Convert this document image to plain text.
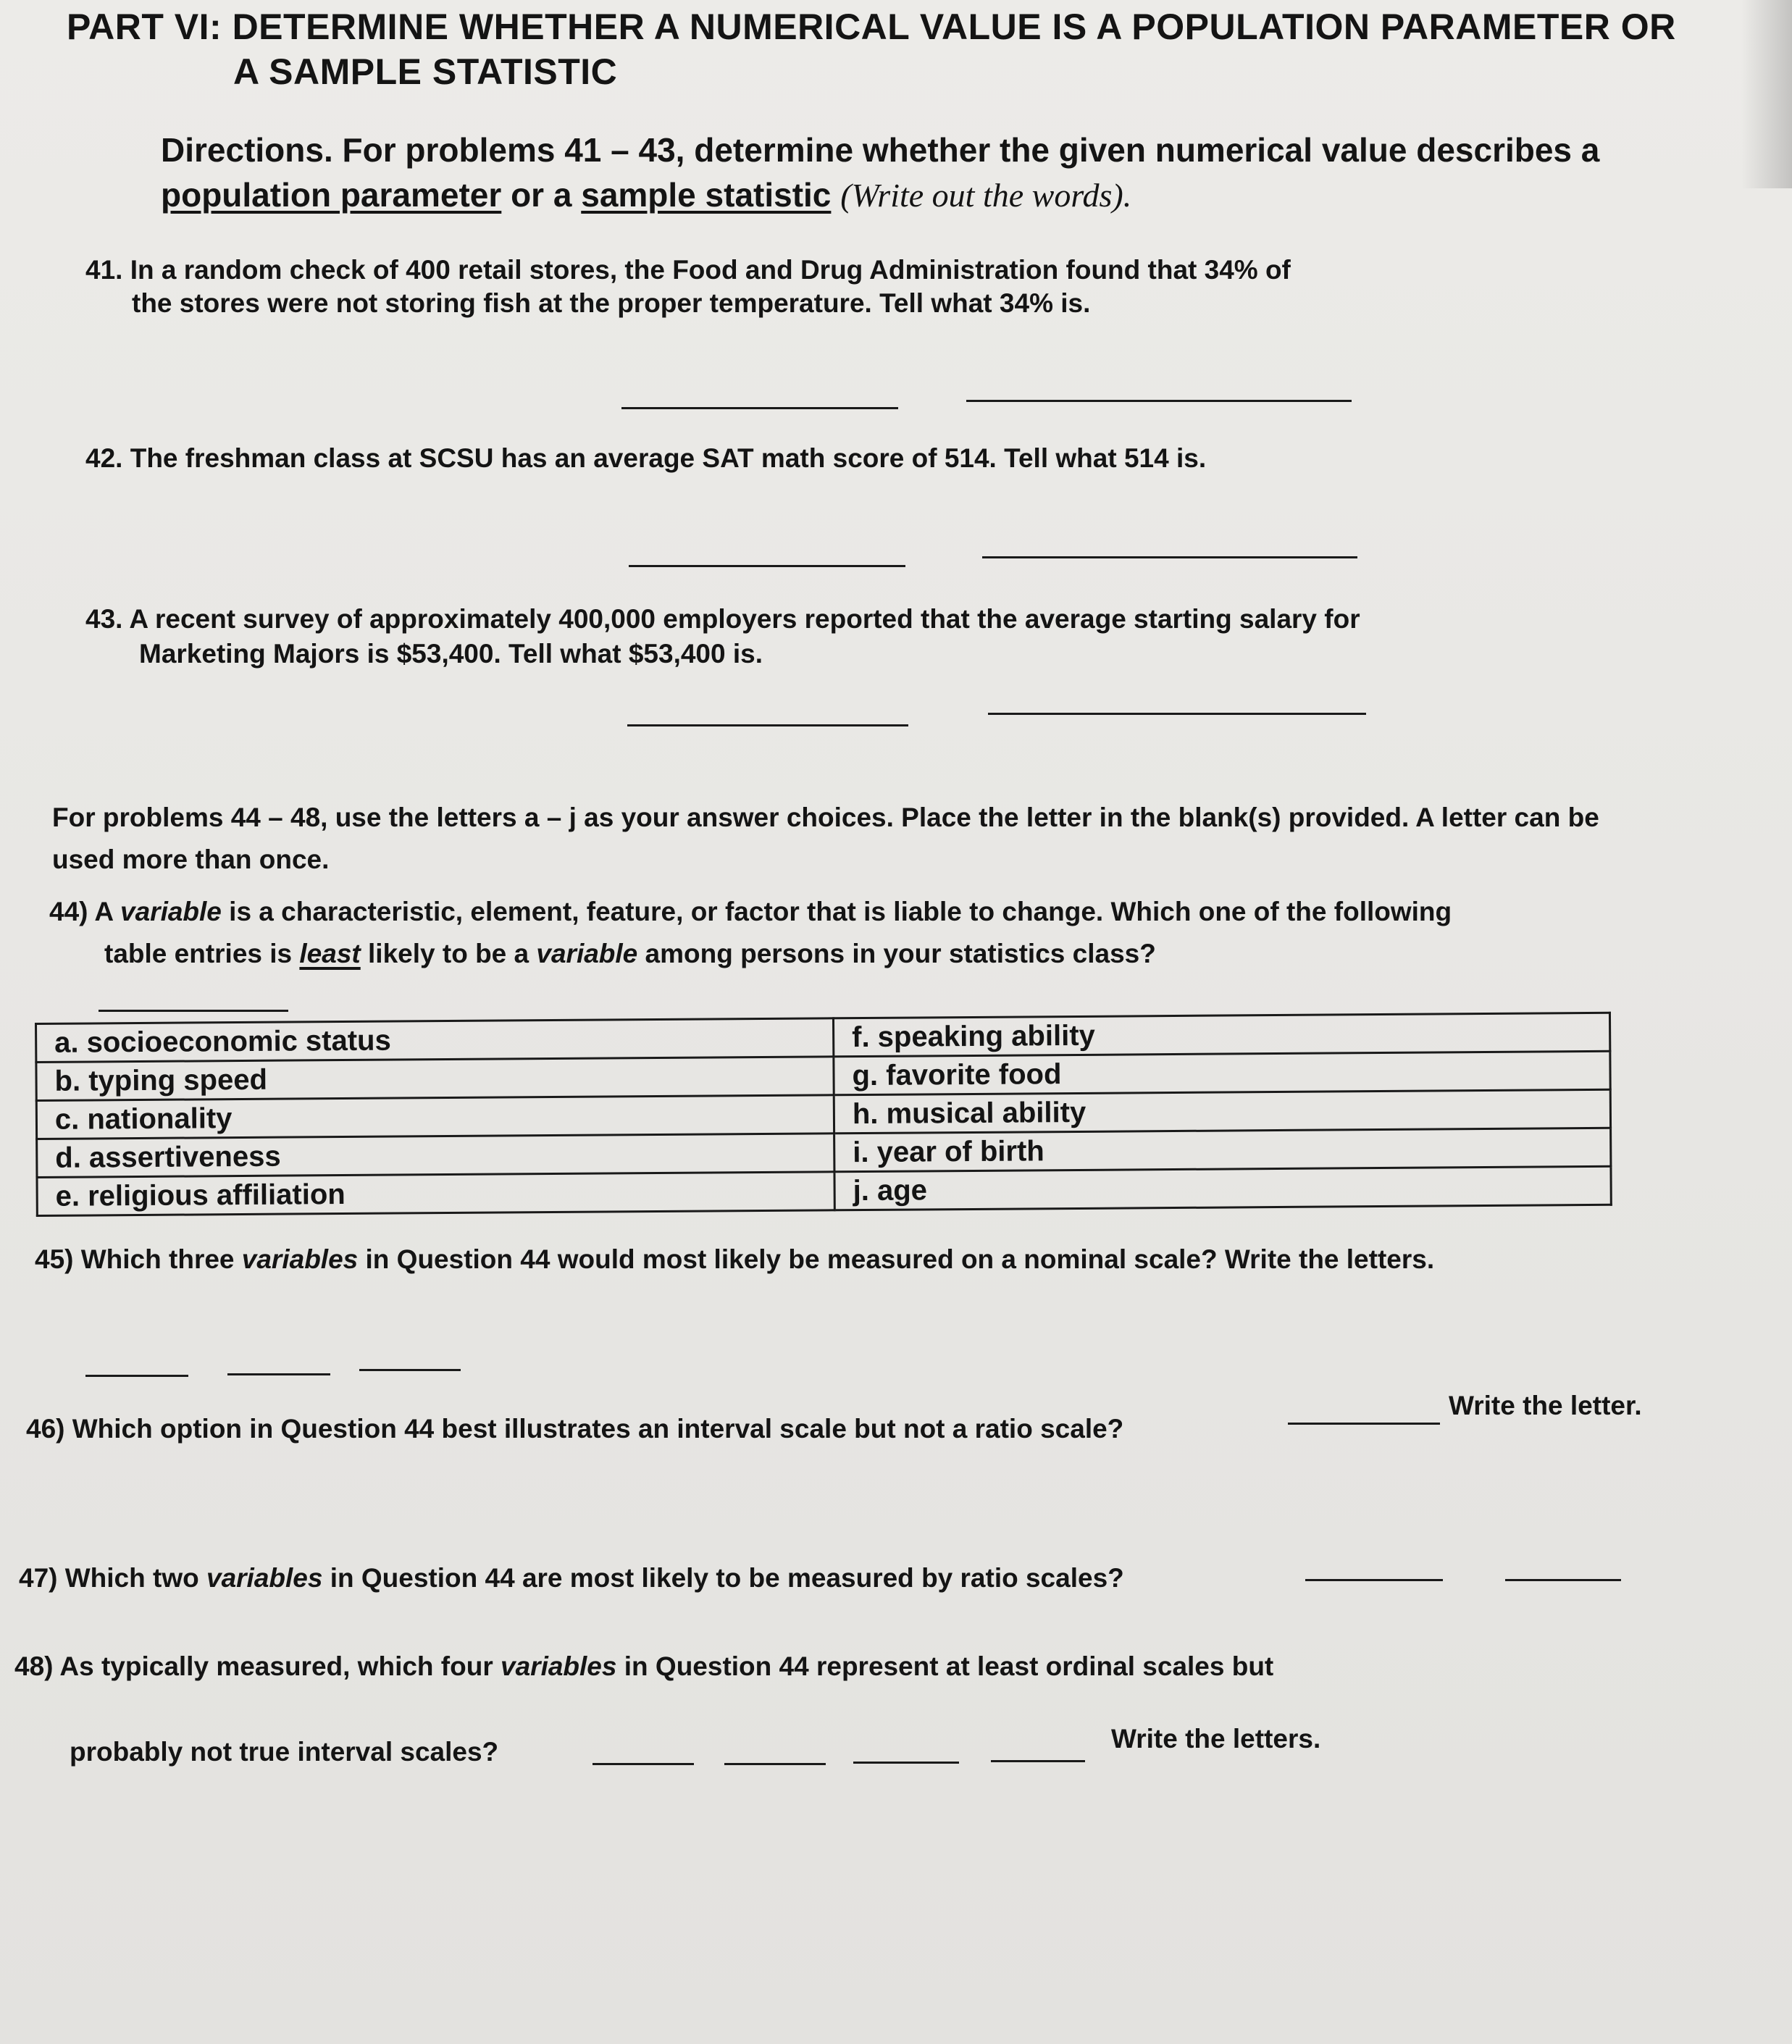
PART VI: DETERMINE WHETHER A NUMERICAL VALUE IS A POPULATION PARAMETER OR
A SAMPLE STATISTIC
Directions. For problems 41 – 43, determine whether the given numerical value describes a
population parameter or a sample statistic (Write out the words).
41. In a random check of 400 retail stores, the Food and Drug Administration found that 34% of
the stores were not storing fish at the proper temperature. Tell what 34% is.
42. The freshman class at SCSU has an average SAT math score of 514. Tell what 514 is.
43. A recent survey of approximately 400,000 employers reported that the average starting salary for
Marketing Majors is $53,400. Tell what $53,400 is.
For problems 44 – 48, use the letters a – j as your answer choices. Place the letter in the blank(s) provided. A letter can be
used more than once.
44) A variable is a characteristic, element, feature, or factor that is liable to change. Which one of the following
table entries is least likely to be a variable among persons in your statistics class?
a. socioeconomic status	f. speaking ability
b. typing speed	g. favorite food
c. nationality	h. musical ability
d. assertiveness	i. year of birth
e. religious affiliation	j. age
45) Which three variables in Question 44 would most likely be measured on a nominal scale? Write the letters.
46) Which option in Question 44 best illustrates an interval scale but not a ratio scale?
Write the letter.
47) Which two variables in Question 44 are most likely to be measured by ratio scales?
48) As typically measured, which four variables in Question 44 represent at least ordinal scales but
probably not true interval scales?	Write the letters.
